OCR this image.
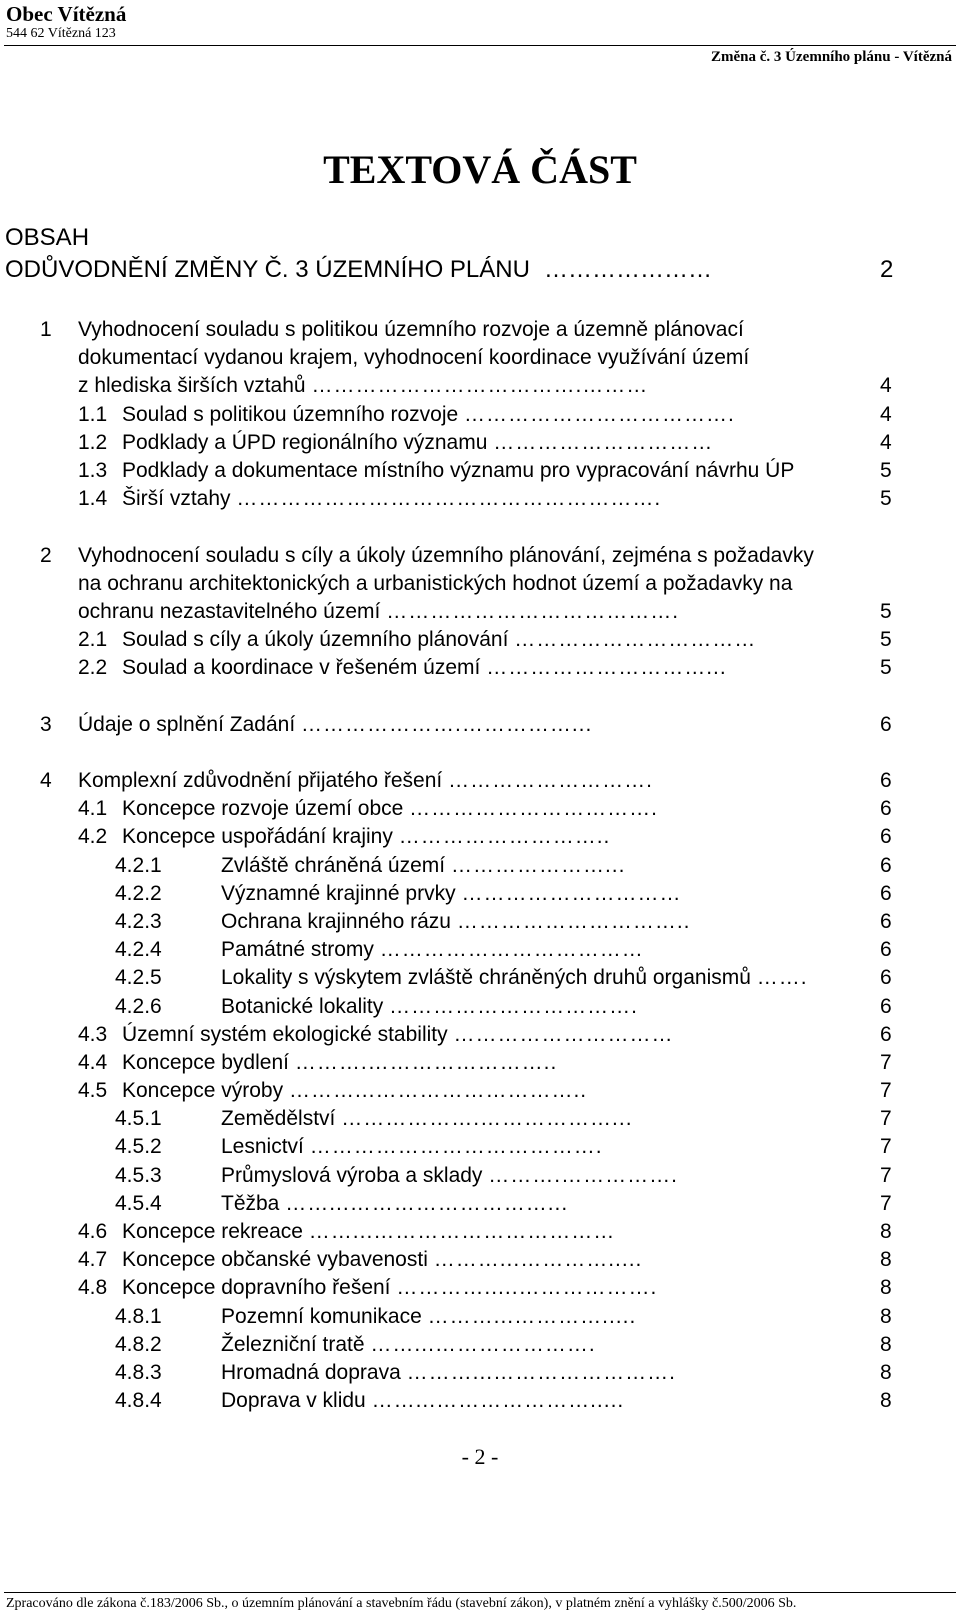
Obec Vítězná
544 62 Vítězná 123
Změna č. 3 Územního plánu - Vítězná
TEXTOVÁ ČÁST
OBSAH
ODŮVODNĚNÍ ZMĚNY Č. 3 ÚZEMNÍHO PLÁNU …………………	2
1 Vyhodnocení souladu s politikou územního rozvoje a územně plánovací
dokumentací vydanou krajem, vyhodnocení koordinace využívání území
z hlediska širších vztahů ……………………………….………	4
1.1 Soulad s politikou územního rozvoje ……………………………….	4
1.2 Podklady a ÚPD regionálního významu …………………………	4
1.3 Podklady a dokumentace místního významu pro vypracování návrhu ÚP	5
1.4 Širší vztahy ………………………………………………….	5
2 Vyhodnocení souladu s cíly a úkoly územního plánování, zejména s požadavky
na ochranu architektonických a urbanistických hodnot území a požadavky na
ochranu nezastavitelného území ………………………………….	5
2.1 Soulad s cíly a úkoly územního plánování ……………………………	5
2.2 Soulad a koordinace v řešeném území …………………………...	5
3 Údaje o splnění Zadání ………………….……………...	6
4 Komplexní zdůvodnění přijatého řešení ……………………….	6
4.1 Koncepce rozvoje území obce …………………………….	6
4.2 Koncepce uspořádání krajiny ………………………..	6
4.2.1	Zvláště chráněná území …………………...	6
4.2.2	Významné krajinné prvky …………………………	6
4.2.3	Ochrana krajinného rázu …………………………..	6
4.2.4	Památné stromy ………………………………	6
4.2.5	Lokality s výskytem zvláště chráněných druhů organismů …….	6
4.2.6	Botanické lokality …………………………….	6
4.3 Územní systém ekologické stability …………………………	6
4.4 Koncepce bydlení ……….……………………..	7
4.5 Koncepce výroby ………...………………………..	7
4.5.1	Zemědělství ……………….………………...	7
4.5.2	Lesnictví ………………………………….	7
4.5.3	Průmyslová výroba a sklady ……….…………….	7
4.5.4	Těžba ……...………………………...	7
4.6 Koncepce rekreace ……...……………………………	8
4.7 Koncepce občanské vybavenosti ………...………….....	8
4.8 Koncepce dopravního řešení ………….....……………….	8
4.8.1	Pozemní komunikace ………...………….....	8
4.8.2	Železniční tratě ……...………………….	8
4.8.3	Hromadná doprava ………...…………………….	8
4.8.4	Doprava v klidu ……...………………….....	8
- 2 -
Zpracováno dle zákona č.183/2006 Sb., o územním plánování a stavebním řádu (stavební zákon), v platném znění a vyhlášky č.500/2006 Sb.
